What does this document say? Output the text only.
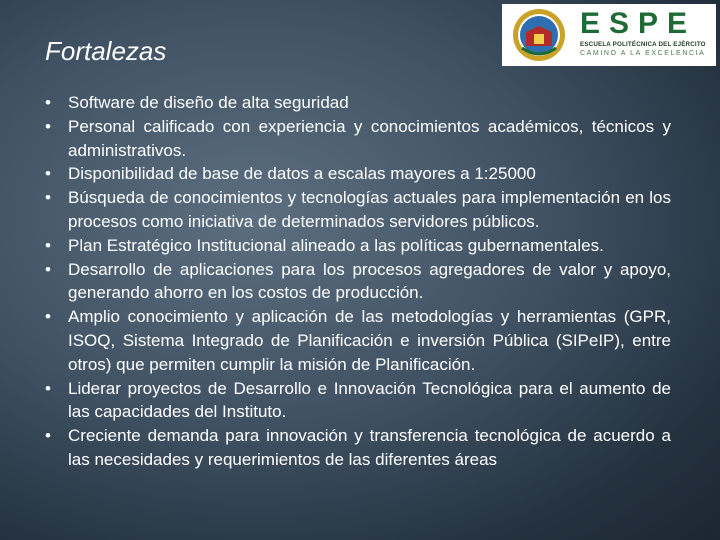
Fortalezas
ESPE
ESCUELA POLITÉCNICA DEL EJÉRCITO
CAMINO A LA EXCELENCIA
• Software de diseño de alta seguridad
• Personal calificado con experiencia y conocimientos académicos, técnicos y administrativos.
• Disponibilidad de base de datos a escalas mayores a 1:25000
• Búsqueda de conocimientos y tecnologías actuales para implementación en los procesos como iniciativa de determinados servidores públicos.
• Plan Estratégico Institucional alineado a las políticas gubernamentales.
• Desarrollo de aplicaciones para los procesos agregadores de valor y apoyo, generando ahorro en los costos de producción.
• Amplio conocimiento y aplicación de las metodologías y herramientas (GPR, ISOQ, Sistema Integrado de Planificación e inversión Pública (SIPeIP), entre otros) que permiten cumplir la misión de Planificación.
• Liderar proyectos de Desarrollo e Innovación Tecnológica para el aumento de las capacidades del Instituto.
• Creciente demanda para innovación y transferencia tecnológica de acuerdo a las necesidades y requerimientos de las diferentes áreas
